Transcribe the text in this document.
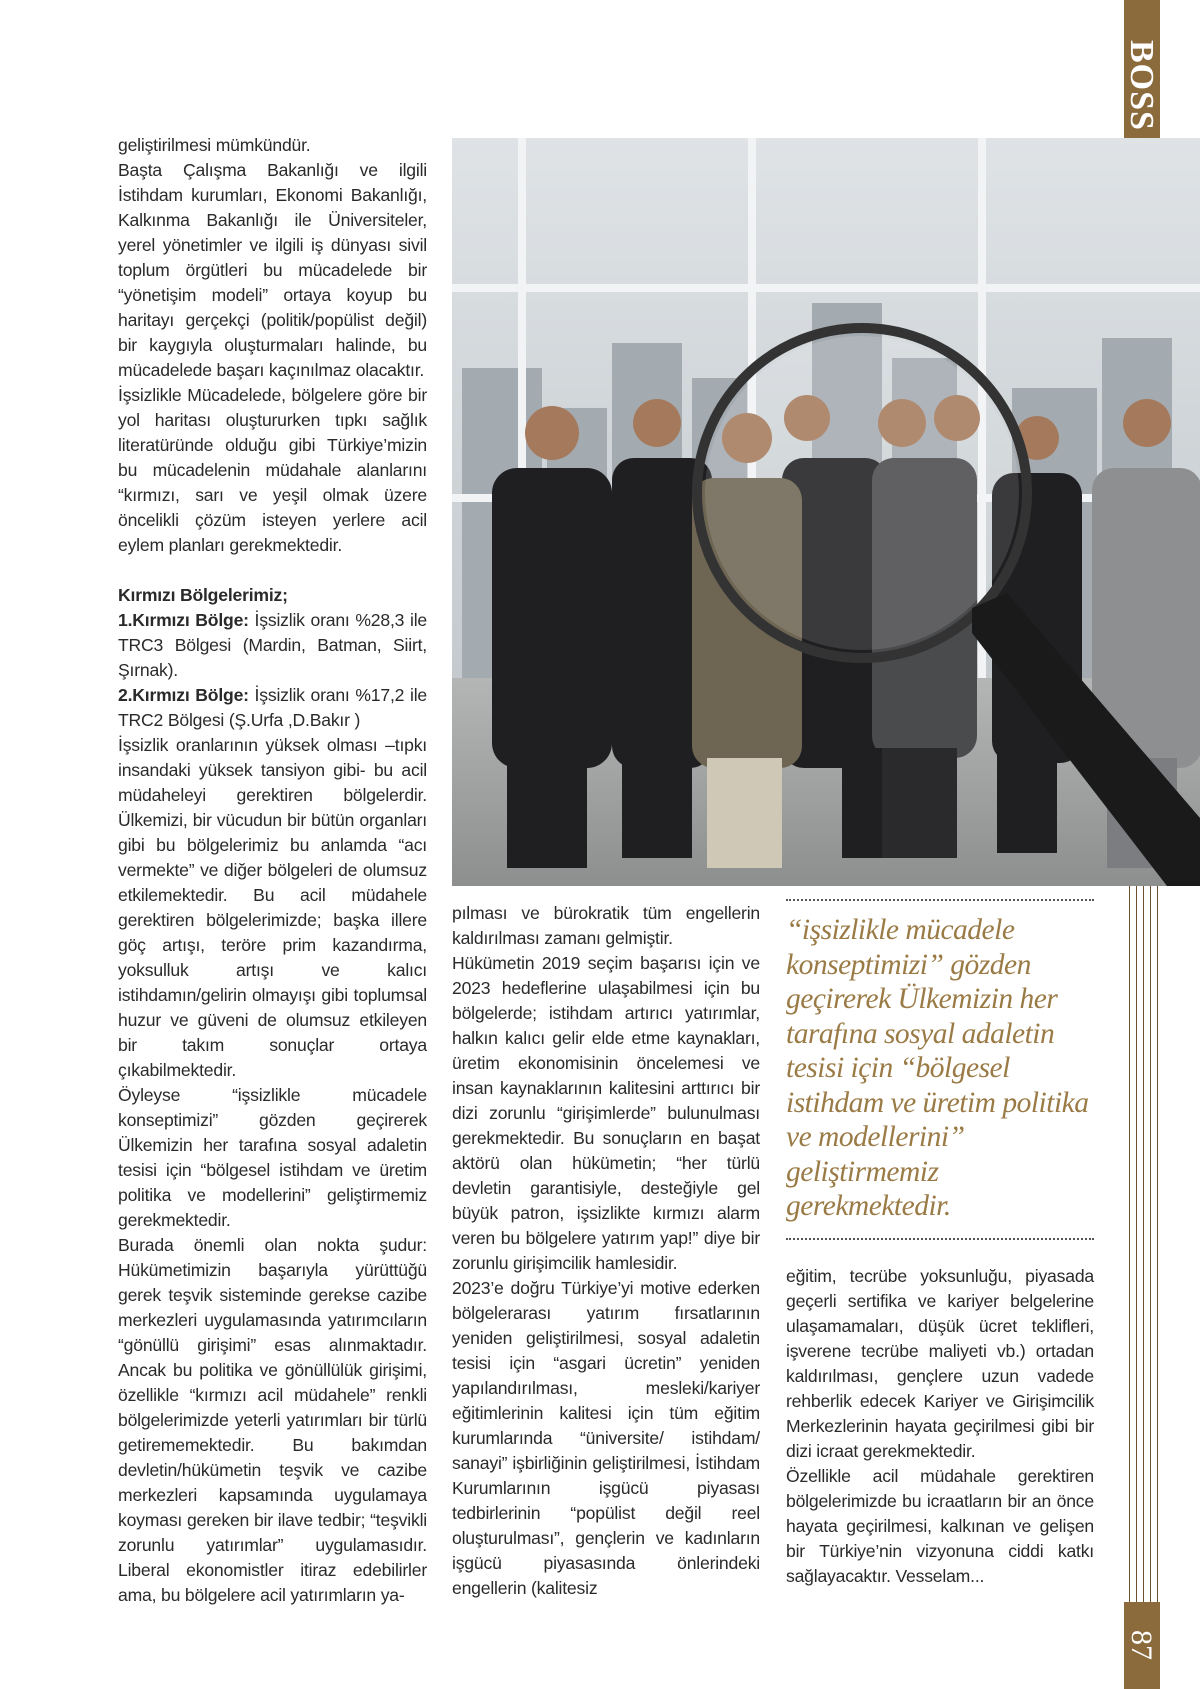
BOSS
87

geliştirilmesi mümkündür.

Başta Çalışma Bakanlığı ve ilgili İstihdam kurumları, Ekonomi Bakanlığı, Kalkınma Bakanlığı ile Üniversiteler, yerel yönetimler ve ilgili iş dünyası sivil toplum örgütleri bu mücadelede bir “yönetişim modeli” ortaya koyup bu haritayı gerçekçi (politik/popülist değil) bir kaygıyla oluşturmaları halinde, bu mücadelede başarı kaçınılmaz olacaktır.

İşsizlikle Mücadelede, bölgelere göre bir yol haritası oluştururken tıpkı sağlık literatüründe olduğu gibi Türkiye’mizin bu mücadelenin müdahale alanlarını “kırmızı, sarı ve yeşil olmak üzere öncelikli çözüm isteyen yerlere acil eylem planları gerekmektedir.

Kırmızı Bölgelerimiz;

1.Kırmızı Bölge: İşsizlik oranı %28,3 ile TRC3 Bölgesi (Mardin, Batman, Siirt, Şırnak).

2.Kırmızı Bölge: İşsizlik oranı %17,2 ile TRC2 Bölgesi (Ş.Urfa ,D.Bakır )

İşsizlik oranlarının yüksek olması –tıpkı insandaki yüksek tansiyon gibi- bu acil müdaheleyi gerektiren bölgelerdir. Ülkemizi, bir vücudun bir bütün organları gibi bu bölgelerimiz bu anlamda “acı vermekte” ve diğer bölgeleri de olumsuz etkilemektedir. Bu acil müdahele gerektiren bölgelerimizde; başka illere göç artışı, teröre prim kazandırma, yoksulluk artışı ve kalıcı istihdamın/gelirin olmayışı gibi toplumsal huzur ve güveni de olumsuz etkileyen bir takım sonuçlar ortaya çıkabilmektedir.

Öyleyse “işsizlikle mücadele konseptimizi” gözden geçirerek Ülkemizin her tarafına sosyal adaletin tesisi için “bölgesel istihdam ve üretim politika ve modellerini” geliştirmemiz gerekmektedir.

Burada önemli olan nokta şudur: Hükümetimizin başarıyla yürüttüğü gerek teşvik sisteminde gerekse cazibe merkezleri uygulamasında yatırımcıların “gönüllü girişimi” esas alınmaktadır. Ancak bu politika ve gönüllülük girişimi, özellikle “kırmızı acil müdahele” renkli bölgelerimizde yeterli yatırımları bir türlü getirememektedir. Bu bakımdan devletin/hükümetin teşvik ve cazibe merkezleri kapsamında uygulamaya koyması gereken bir ilave tedbir; “teşvikli zorunlu yatırımlar” uygulamasıdır. Liberal ekonomistler itiraz edebilirler ama, bu bölgelere acil yatırımların ya-

pılması ve bürokratik tüm engellerin kaldırılması zamanı gelmiştir.

Hükümetin 2019 seçim başarısı için ve 2023 hedeflerine ulaşabilmesi için bu bölgelerde; istihdam artırıcı yatırımlar, halkın kalıcı gelir elde etme kaynakları, üretim ekonomisinin öncelemesi ve insan kaynaklarının kalitesini arttırıcı bir dizi zorunlu “girişimlerde” bulunulması gerekmektedir. Bu sonuçların en başat aktörü olan hükümetin; “her türlü devletin garantisiyle, desteğiyle gel büyük patron, işsizlikte kırmızı alarm veren bu bölgelere yatırım yap!” diye bir zorunlu girişimcilik hamlesidir.

2023’e doğru Türkiye’yi motive ederken bölgelerarası yatırım fırsatlarının yeniden geliştirilmesi, sosyal adaletin tesisi için “asgari ücretin” yeniden yapılandırılması, mesleki/kariyer eğitimlerinin kalitesi için tüm eğitim kurumlarında “üniversite/ istihdam/ sanayi” işbirliğinin geliştirilmesi, İstihdam Kurumlarının işgücü piyasası tedbirlerinin “popülist değil reel oluşturulması”, gençlerin ve kadınların işgücü piyasasında önlerindeki engellerin (kalitesiz

“işsizlikle mücadele konseptimizi” gözden geçirerek Ülkemizin her tarafına sosyal adaletin tesisi için “bölgesel istihdam ve üretim politika ve modellerini” geliştirmemiz gerekmektedir.

eğitim, tecrübe yoksunluğu, piyasada geçerli sertifika ve kariyer belgelerine ulaşamamaları, düşük ücret teklifleri, işverene tecrübe maliyeti vb.) ortadan kaldırılması, gençlere uzun vadede rehberlik edecek Kariyer ve Girişimcilik Merkezlerinin hayata geçirilmesi gibi bir dizi icraat gerekmektedir.

Özellikle acil müdahale gerektiren bölgelerimizde bu icraatların bir an önce hayata geçirilmesi, kalkınan ve gelişen bir Türkiye’nin vizyonuna ciddi katkı sağlayacaktır. Vesselam...
